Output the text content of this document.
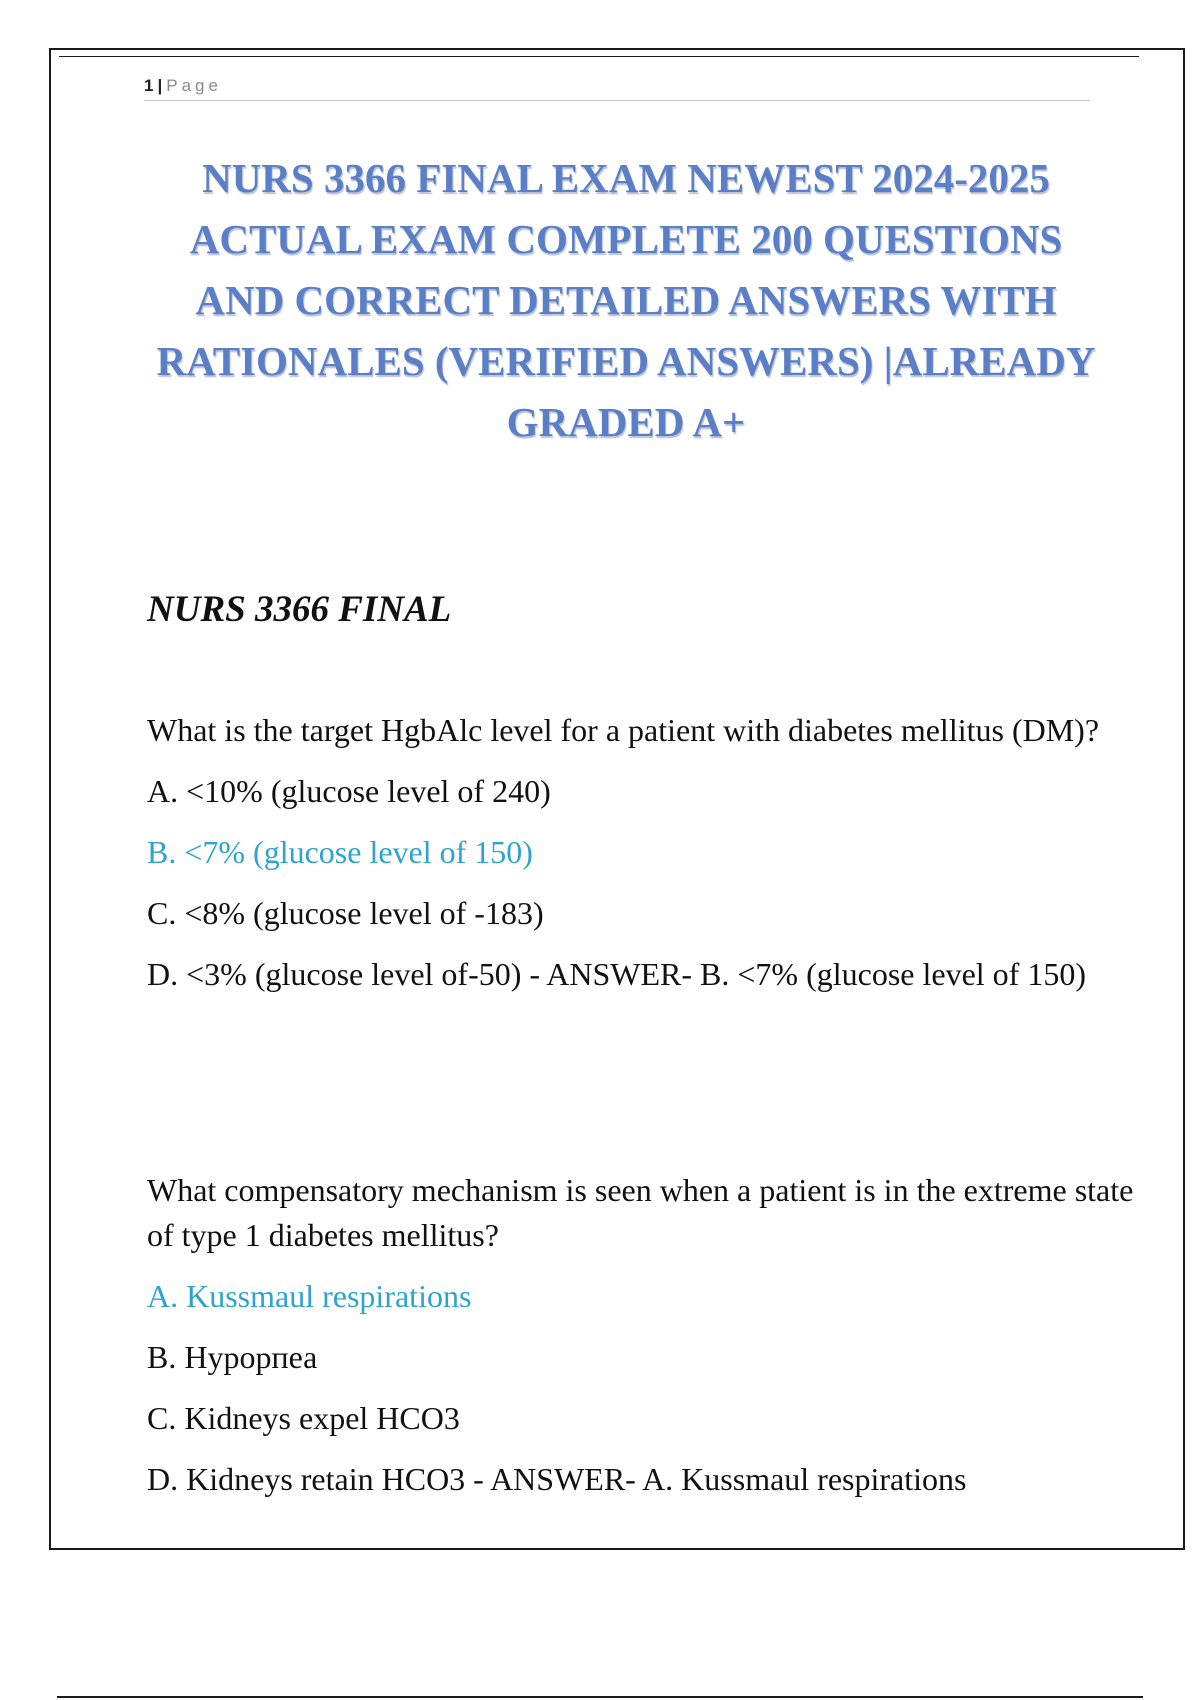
1 | Page
NURS 3366 FINAL EXAM NEWEST 2024-2025 ACTUAL EXAM COMPLETE 200 QUESTIONS AND CORRECT DETAILED ANSWERS WITH RATIONALES (VERIFIED ANSWERS) |ALREADY GRADED A+
NURS 3366 FINAL

What is the target HgbAlc level for a patient with diabetes mellitus (DM)?

A. <10% (glucose level of 240)

B. <7% (glucose level of 150)

C. <8% (glucose level of -183)

D. <3% (glucose level of-50) - ANSWER- B. <7% (glucose level of 150)

What compensatory mechanism is seen when a patient is in the extreme state of type 1 diabetes mellitus?

A. Kussmaul respirations

B. Нурорпеа

C. Kidneys expel HCO3

D. Kidneys retain HCO3 - ANSWER- A. Kussmaul respirations
